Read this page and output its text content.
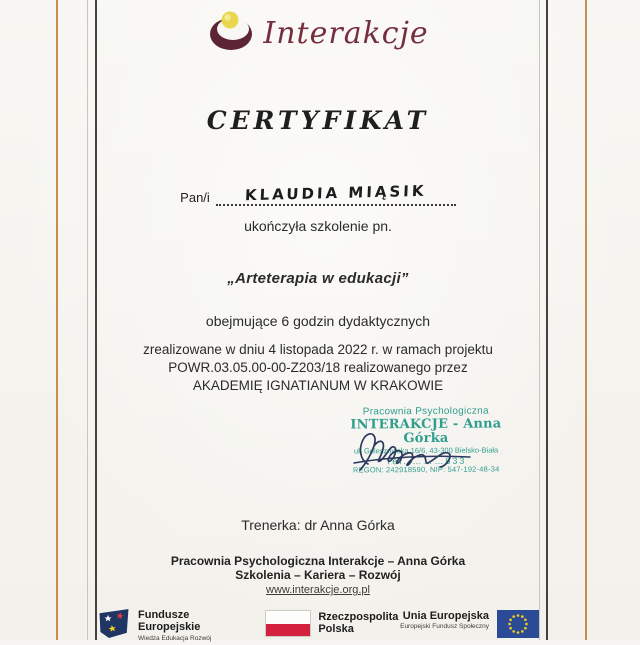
Interakcje
CERTYFIKAT
Pan/i	KLAUDIA MIĄSIK
ukończyła szkolenie pn.
„Arteterapia w edukacji”
obejmujące 6 godzin dydaktycznych
zrealizowane w dniu 4 listopada 2022 r. w ramach projektu
POWR.03.05.00-00-Z203/18 realizowanego przez
AKADEMIĘ IGNATIANUM W KRAKOWIE
Pracownia Psychologiczna
INTERAKCJE - Anna Górka
ul. Goleszowska 16/6, 43-300 Bielsko-Biała
Tel. ………833
REGON: 242918590, NIP: 547-192-48-34
Trenerka: dr Anna Górka
Pracownia Psychologiczna Interakcje – Anna Górka
Szkolenia – Kariera – Rozwój
www.interakcje.org.pl
Fundusze
Europejskie
Wiedza Edukacja Rozwój
Rzeczpospolita
Polska
Unia Europejska
Europejski Fundusz Społeczny
